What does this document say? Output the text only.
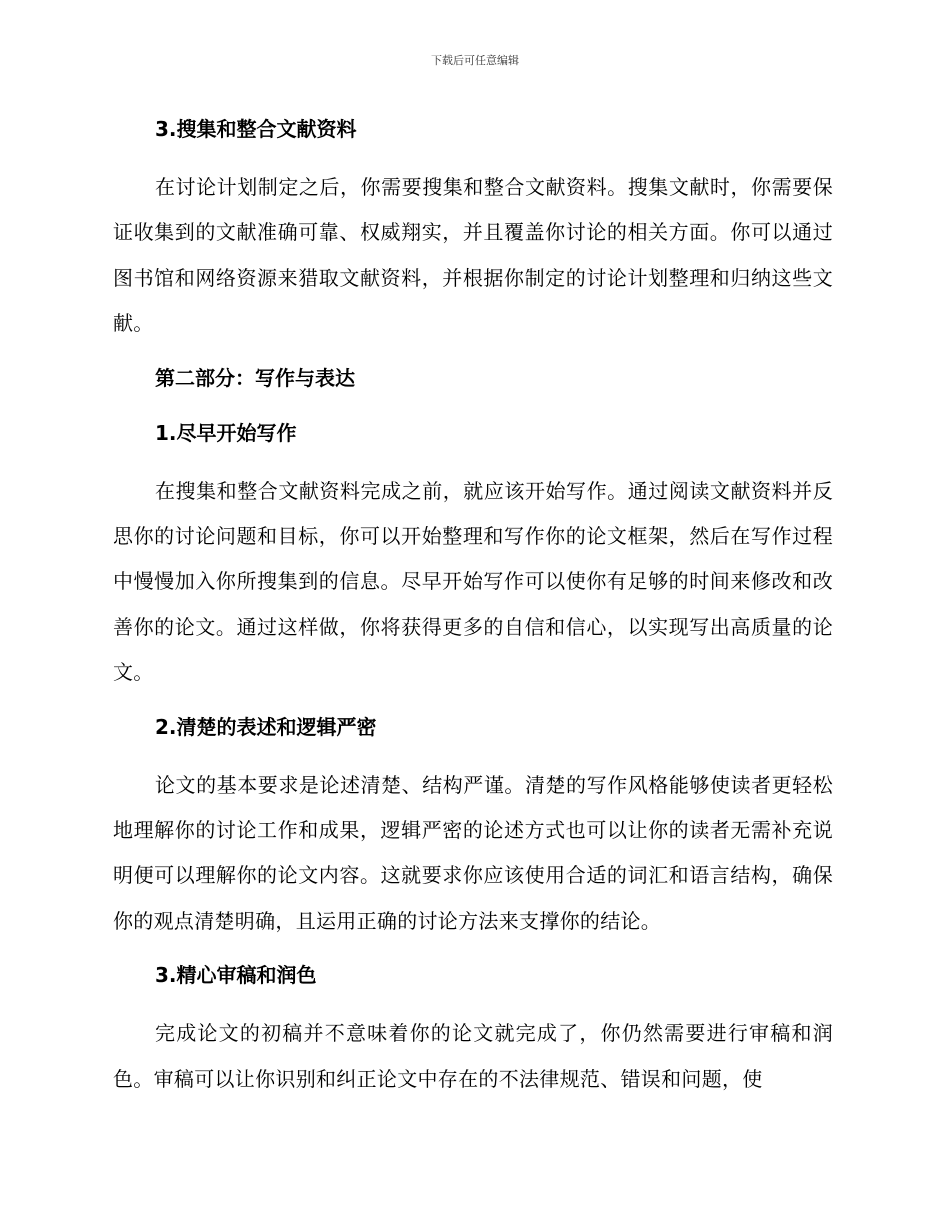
下载后可任意编辑
3.搜集和整合文献资料

在讨论计划制定之后，你需要搜集和整合文献资料。搜集文献时，你需要保证收集到的文献准确可靠、权威翔实，并且覆盖你讨论的相关方面。你可以通过图书馆和网络资源来猎取文献资料，并根据你制定的讨论计划整理和归纳这些文献。

第二部分：写作与表达
1.尽早开始写作

在搜集和整合文献资料完成之前，就应该开始写作。通过阅读文献资料并反思你的讨论问题和目标，你可以开始整理和写作你的论文框架，然后在写作过程中慢慢加入你所搜集到的信息。尽早开始写作可以使你有足够的时间来修改和改善你的论文。通过这样做，你将获得更多的自信和信心，以实现写出高质量的论文。

2.清楚的表述和逻辑严密

论文的基本要求是论述清楚、结构严谨。清楚的写作风格能够使读者更轻松地理解你的讨论工作和成果，逻辑严密的论述方式也可以让你的读者无需补充说明便可以理解你的论文内容。这就要求你应该使用合适的词汇和语言结构，确保你的观点清楚明确，且运用正确的讨论方法来支撑你的结论。

3.精心审稿和润色

完成论文的初稿并不意味着你的论文就完成了，你仍然需要进行审稿和润色。审稿可以让你识别和纠正论文中存在的不法律规范、错误和问题，使
